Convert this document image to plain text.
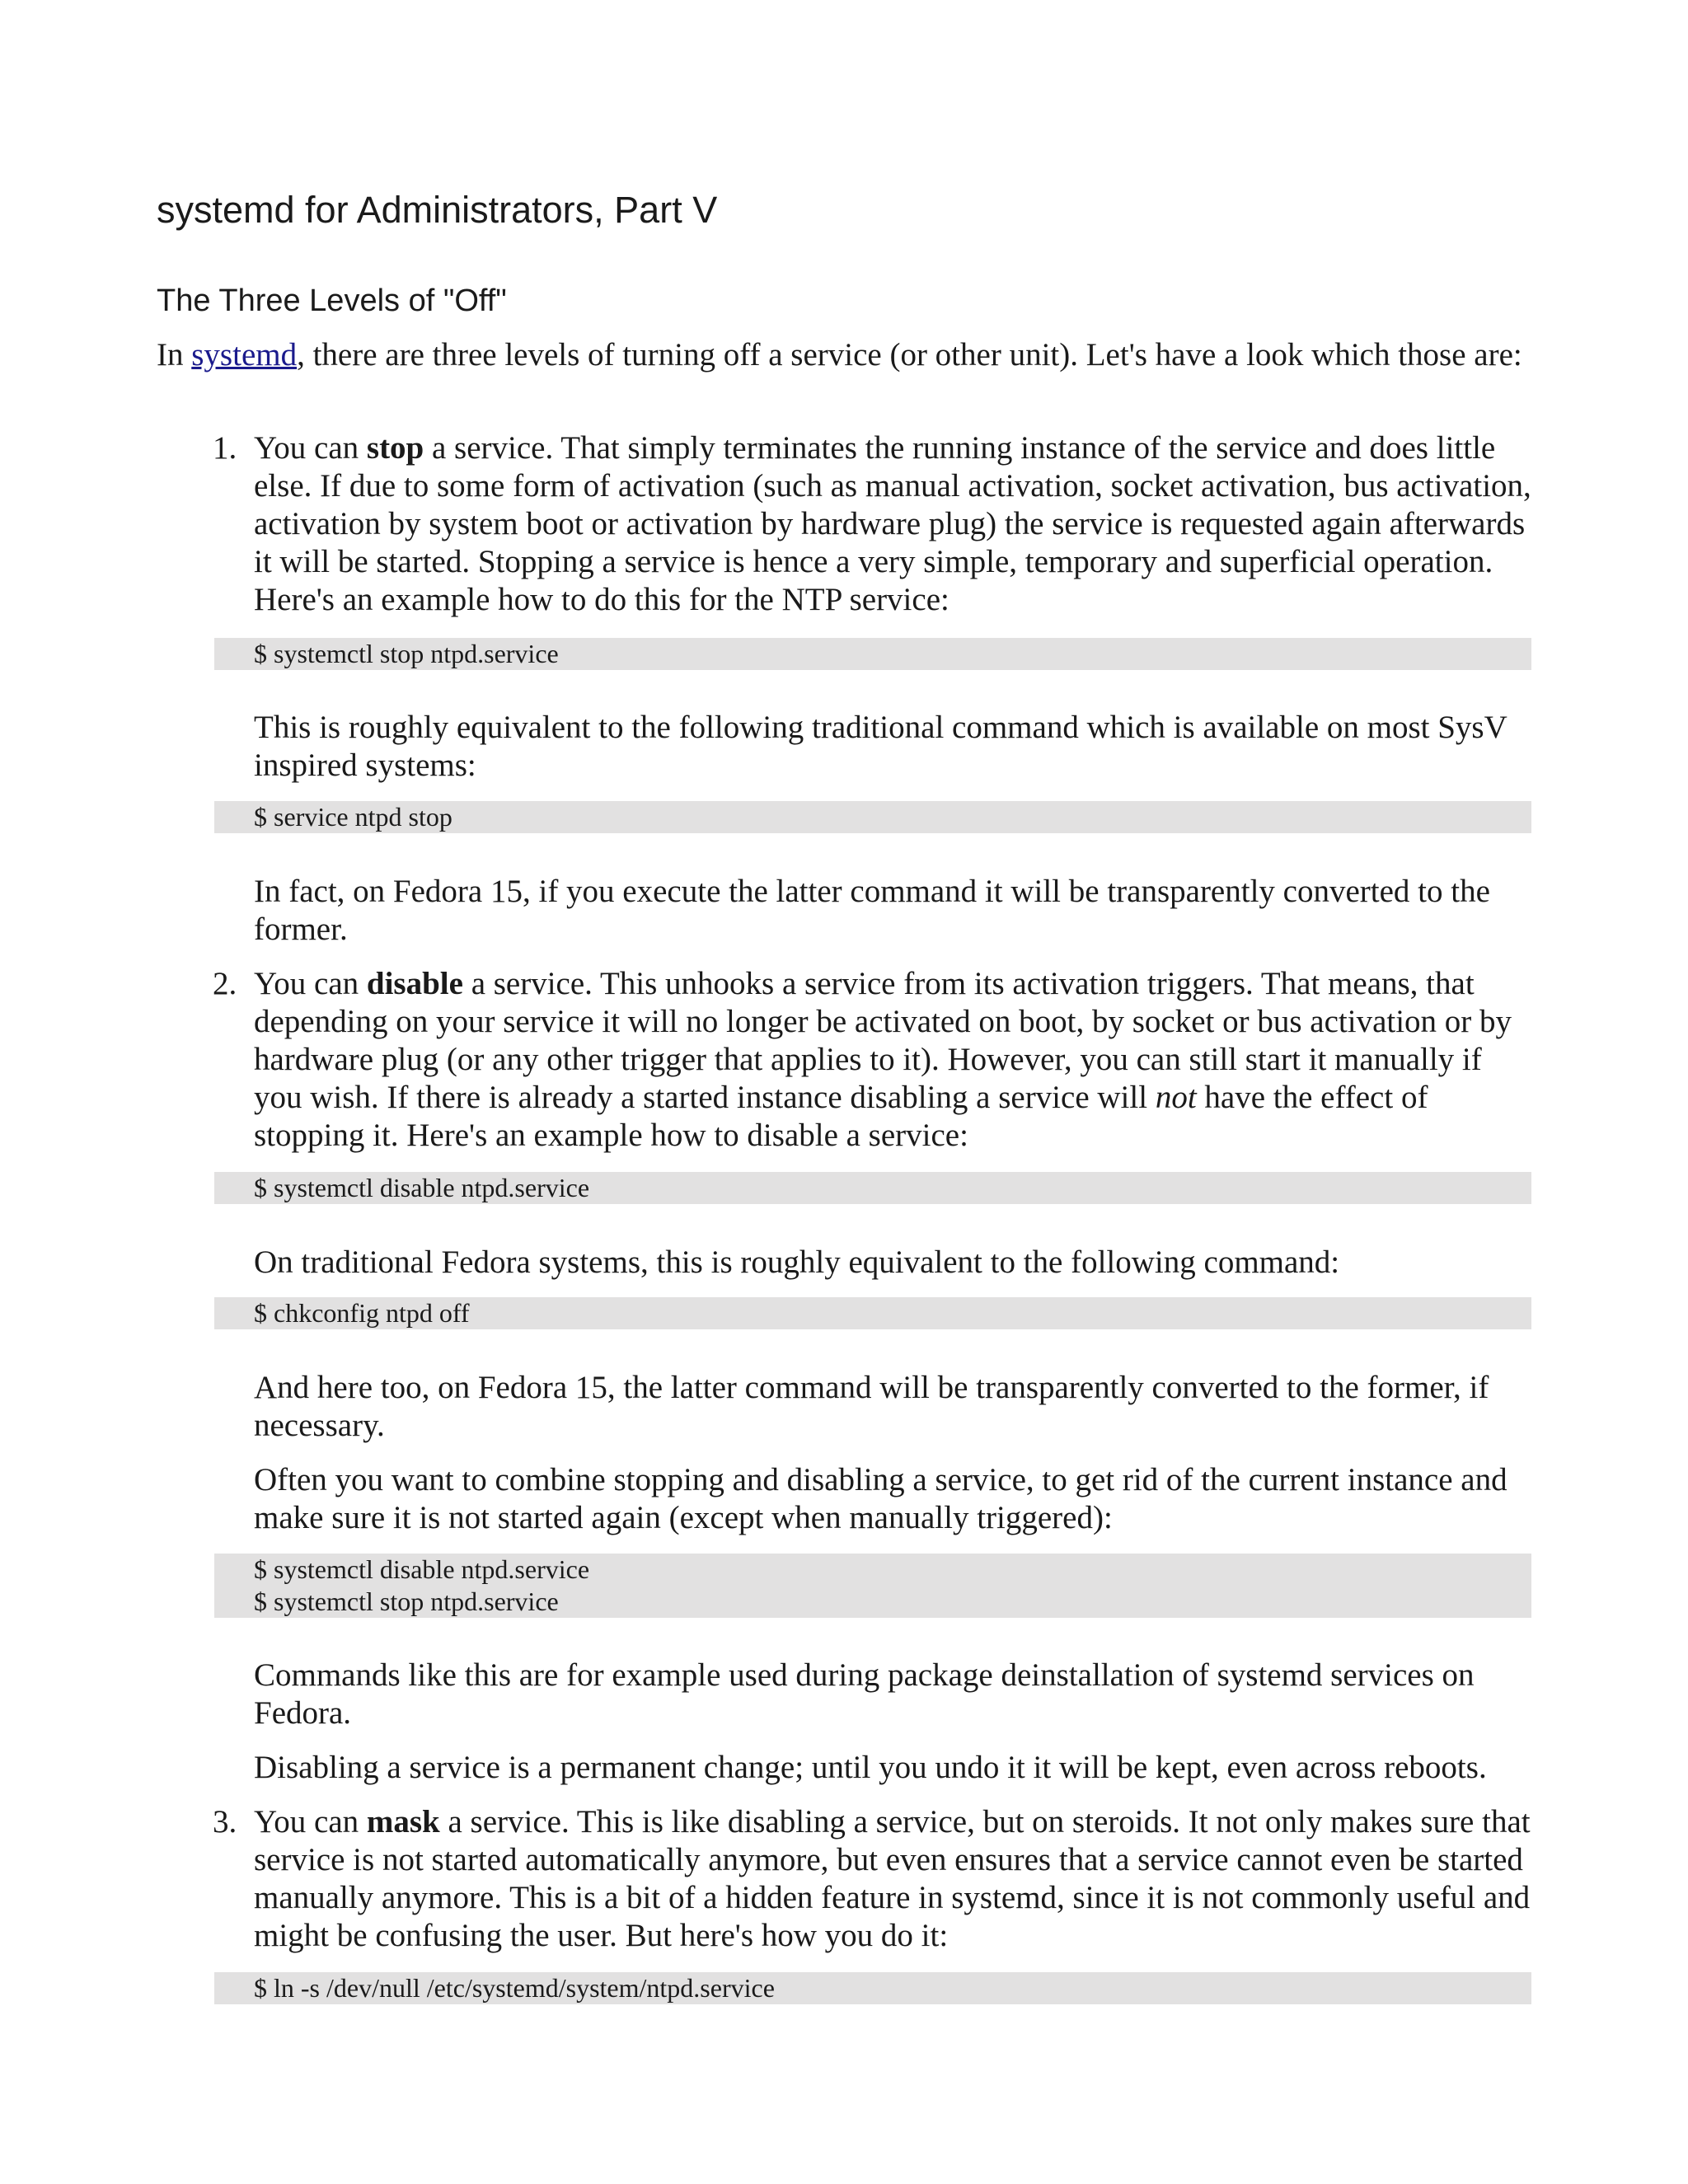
systemd for Administrators, Part V
The Three Levels of "Off"

In systemd, there are three levels of turning off a service (or other unit). Let's have a look which those are:

1. You can stop a service. That simply terminates the running instance of the service and does little else. If due to some form of activation (such as manual activation, socket activation, bus activation, activation by system boot or activation by hardware plug) the service is requested again afterwards it will be started. Stopping a service is hence a very simple, temporary and superficial operation. Here's an example how to do this for the NTP service:

$ systemctl stop ntpd.service

This is roughly equivalent to the following traditional command which is available on most SysV inspired systems:

$ service ntpd stop

In fact, on Fedora 15, if you execute the latter command it will be transparently converted to the former.

2. You can disable a service. This unhooks a service from its activation triggers. That means, that depending on your service it will no longer be activated on boot, by socket or bus activation or by hardware plug (or any other trigger that applies to it). However, you can still start it manually if you wish. If there is already a started instance disabling a service will not have the effect of stopping it. Here's an example how to disable a service:

$ systemctl disable ntpd.service

On traditional Fedora systems, this is roughly equivalent to the following command:

$ chkconfig ntpd off

And here too, on Fedora 15, the latter command will be transparently converted to the former, if necessary.

Often you want to combine stopping and disabling a service, to get rid of the current instance and make sure it is not started again (except when manually triggered):

$ systemctl disable ntpd.service
$ systemctl stop ntpd.service

Commands like this are for example used during package deinstallation of systemd services on Fedora.

Disabling a service is a permanent change; until you undo it it will be kept, even across reboots.

3. You can mask a service. This is like disabling a service, but on steroids. It not only makes sure that service is not started automatically anymore, but even ensures that a service cannot even be started manually anymore. This is a bit of a hidden feature in systemd, since it is not commonly useful and might be confusing the user. But here's how you do it:

$ ln -s /dev/null /etc/systemd/system/ntpd.service
